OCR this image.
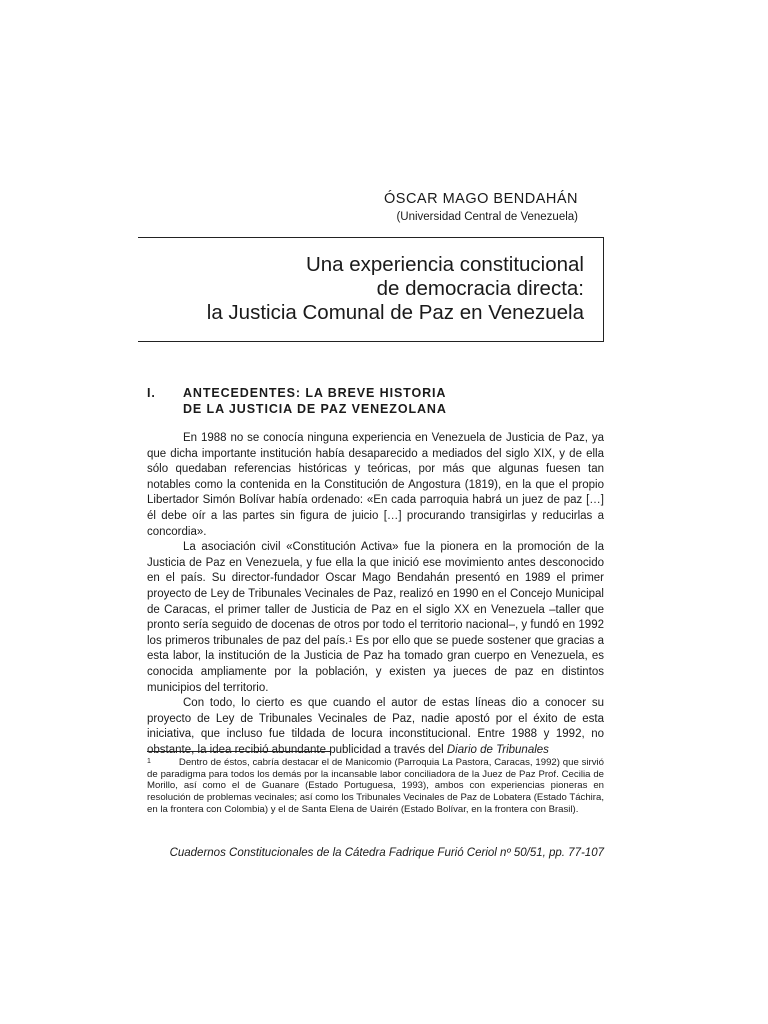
ÓSCAR MAGO BENDAHÁN
(Universidad Central de Venezuela)
Una experiencia constitucional
de democracia directa:
la Justicia Comunal de Paz en Venezuela
I. ANTECEDENTES: LA BREVE HISTORIA
DE LA JUSTICIA DE PAZ VENEZOLANA

En 1988 no se conocía ninguna experiencia en Venezuela de Justicia de Paz, ya que dicha importante institución había desaparecido a mediados del siglo XIX, y de ella sólo quedaban referencias históricas y teóricas, por más que algunas fuesen tan notables como la contenida en la Constitución de Angostura (1819), en la que el propio Libertador Simón Bolívar había ordenado: «En cada parroquia habrá un juez de paz […] él debe oír a las partes sin figura de juicio […] procurando transigirlas y reducirlas a concordia».

La asociación civil «Constitución Activa» fue la pionera en la promoción de la Justicia de Paz en Venezuela, y fue ella la que inició ese movimiento antes desconocido en el país. Su director-fundador Oscar Mago Bendahán presentó en 1989 el primer proyecto de Ley de Tribunales Vecinales de Paz, realizó en 1990 en el Concejo Municipal de Caracas, el primer taller de Justicia de Paz en el siglo XX en Venezuela –taller que pronto sería seguido de docenas de otros por todo el territorio nacional–, y fundó en 1992 los primeros tribunales de paz del país.$^1$ Es por ello que se puede sostener que gracias a esta labor, la institución de la Justicia de Paz ha tomado gran cuerpo en Venezuela, es conocida ampliamente por la población, y existen ya jueces de paz en distintos municipios del territorio.

Con todo, lo cierto es que cuando el autor de estas líneas dio a conocer su proyecto de Ley de Tribunales Vecinales de Paz, nadie apostó por el éxito de esta iniciativa, que incluso fue tildada de locura inconstitucional. Entre 1988 y 1992, no obstante, la idea recibió abundante publicidad a través del Diario de Tribunales

$^1$	Dentro de éstos, cabría destacar el de Manicomio (Parroquia La Pastora, Caracas, 1992) que sirvió de paradigma para todos los demás por la incansable labor conciliadora de la Juez de Paz Prof. Cecilia de Morillo, así como el de Guanare (Estado Portuguesa, 1993), ambos con experiencias pioneras en resolución de problemas vecinales; así como los Tribunales Vecinales de Paz de Lobatera (Estado Táchira, en la frontera con Colombia) y el de Santa Elena de Uairén (Estado Bolívar, en la frontera con Brasil).
Cuadernos Constitucionales de la Cátedra Fadrique Furió Ceriol nº 50/51, pp. 77-107
